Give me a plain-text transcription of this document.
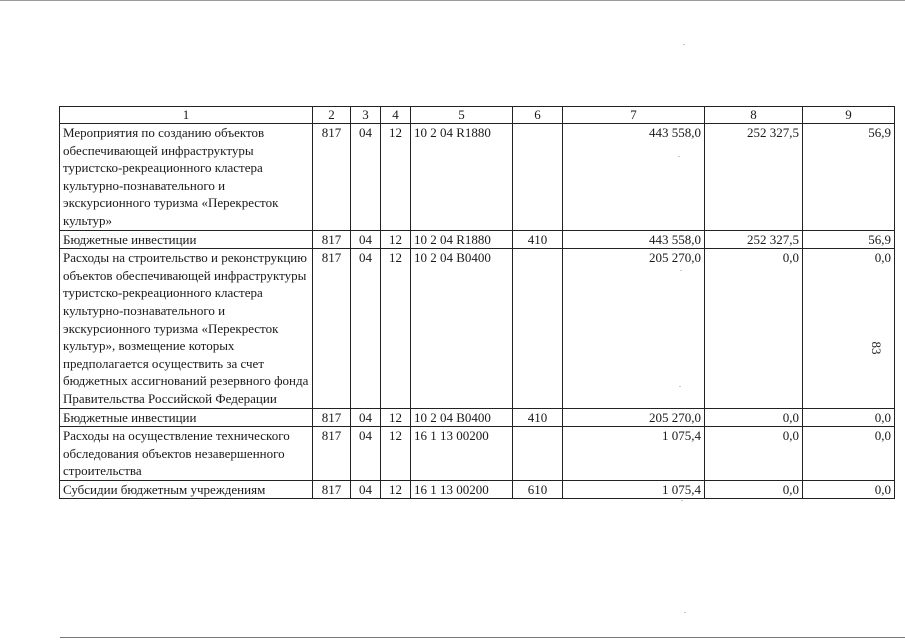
1	2	3	4	5	6	7	8	9
Мероприятия по созданию объектов обеспечивающей инфраструктуры туристско-рекреационного кластера культурно-познавательного и экскурсионного туризма «Перекресток культур»	817	04	12	10 2 04 R1880		443 558,0	252 327,5	56,9
Бюджетные инвестиции	817	04	12	10 2 04 R1880	410	443 558,0	252 327,5	56,9
Расходы на строительство и реконструкцию объектов обеспечивающей инфраструктуры туристско-рекреационного кластера культурно-познавательного и экскурсионного туризма «Перекресток культур», возмещение которых предполагается осуществить за счет бюджетных ассигнований резервного фонда Правительства Российской Федерации	817	04	12	10 2 04 B0400		205 270,0	0,0	0,0
Бюджетные инвестиции	817	04	12	10 2 04 B0400	410	205 270,0	0,0	0,0
Расходы на осуществление технического обследования объектов незавершенного строительства	817	04	12	16 1 13 00200		1 075,4	0,0	0,0
Субсидии бюджетным учреждениям	817	04	12	16 1 13 00200	610	1 075,4	0,0	0,0
83
